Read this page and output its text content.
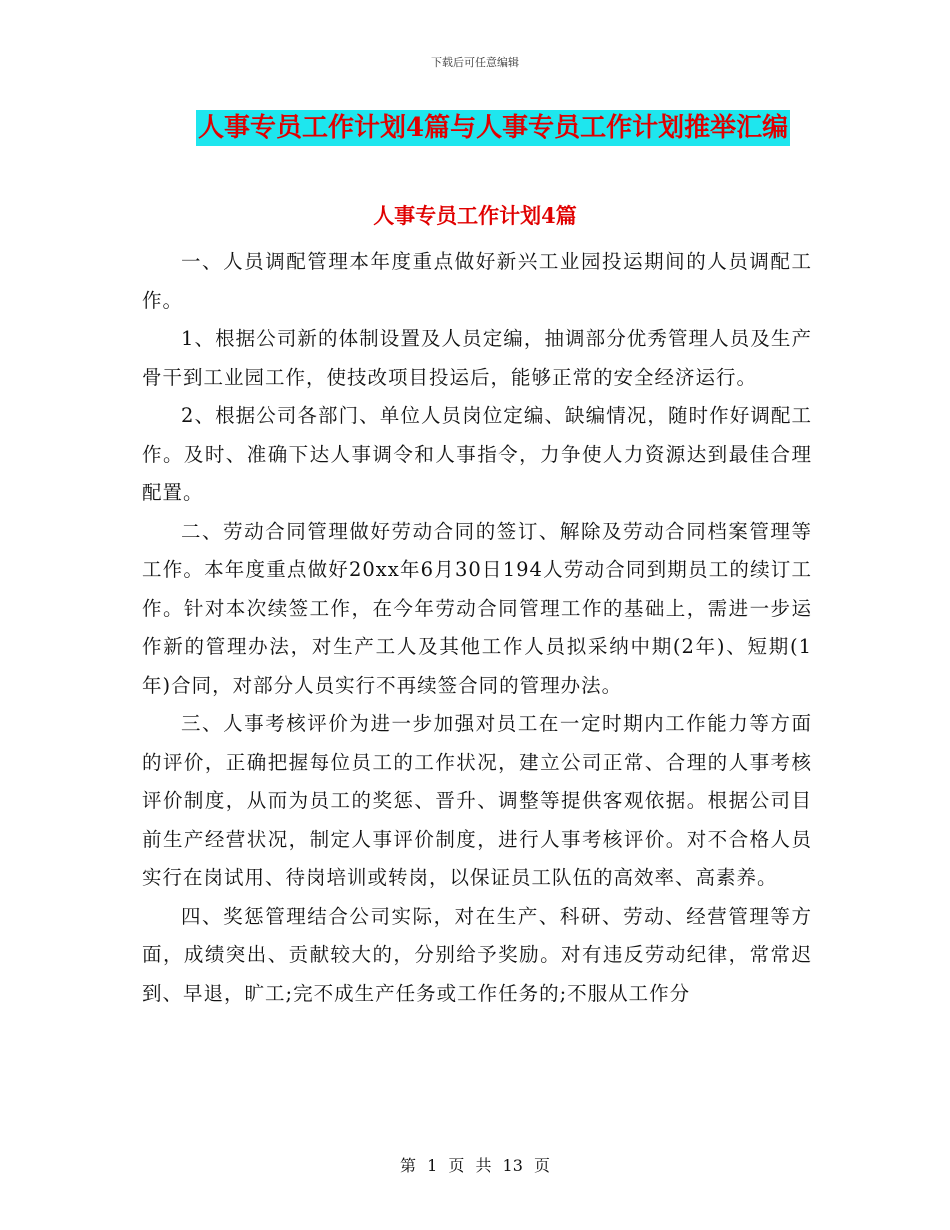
下载后可任意编辑
人事专员工作计划4篇与人事专员工作计划推举汇编
人事专员工作计划4篇

一、人员调配管理本年度重点做好新兴工业园投运期间的人员调配工作。

1、根据公司新的体制设置及人员定编，抽调部分优秀管理人员及生产骨干到工业园工作，使技改项目投运后，能够正常的安全经济运行。

2、根据公司各部门、单位人员岗位定编、缺编情况，随时作好调配工作。及时、准确下达人事调令和人事指令，力争使人力资源达到最佳合理配置。

二、劳动合同管理做好劳动合同的签订、解除及劳动合同档案管理等工作。本年度重点做好20xx年6月30日194人劳动合同到期员工的续订工作。针对本次续签工作，在今年劳动合同管理工作的基础上，需进一步运作新的管理办法，对生产工人及其他工作人员拟采纳中期(2年)、短期(1年)合同，对部分人员实行不再续签合同的管理办法。

三、人事考核评价为进一步加强对员工在一定时期内工作能力等方面的评价，正确把握每位员工的工作状况，建立公司正常、合理的人事考核评价制度，从而为员工的奖惩、晋升、调整等提供客观依据。根据公司目前生产经营状况，制定人事评价制度，进行人事考核评价。对不合格人员实行在岗试用、待岗培训或转岗，以保证员工队伍的高效率、高素养。

四、奖惩管理结合公司实际，对在生产、科研、劳动、经营管理等方面，成绩突出、贡献较大的，分别给予奖励。对有违反劳动纪律，常常迟到、早退，旷工;完不成生产任务或工作任务的;不服从工作分

第 1 页 共 13 页
